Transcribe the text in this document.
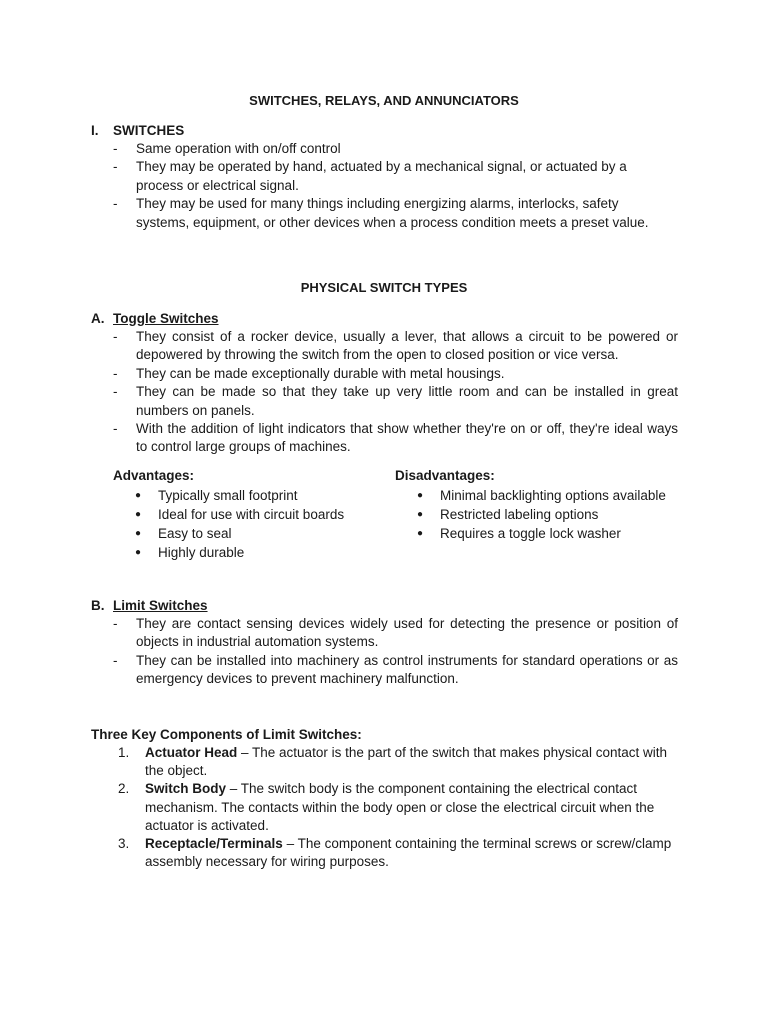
SWITCHES, RELAYS, AND ANNUNCIATORS
I. SWITCHES
- Same operation with on/off control
- They may be operated by hand, actuated by a mechanical signal, or actuated by a process or electrical signal.
- They may be used for many things including energizing alarms, interlocks, safety systems, equipment, or other devices when a process condition meets a preset value.
PHYSICAL SWITCH TYPES
A. Toggle Switches
- They consist of a rocker device, usually a lever, that allows a circuit to be powered or depowered by throwing the switch from the open to closed position or vice versa.
- They can be made exceptionally durable with metal housings.
- They can be made so that they take up very little room and can be installed in great numbers on panels.
- With the addition of light indicators that show whether they're on or off, they're ideal ways to control large groups of machines.
Advantages:
● Typically small footprint
● Ideal for use with circuit boards
● Easy to seal
● Highly durable
Disadvantages:
● Minimal backlighting options available
● Restricted labeling options
● Requires a toggle lock washer
B. Limit Switches
- They are contact sensing devices widely used for detecting the presence or position of objects in industrial automation systems.
- They can be installed into machinery as control instruments for standard operations or as emergency devices to prevent machinery malfunction.
Three Key Components of Limit Switches:
1. Actuator Head – The actuator is the part of the switch that makes physical contact with the object.
2. Switch Body – The switch body is the component containing the electrical contact mechanism. The contacts within the body open or close the electrical circuit when the actuator is activated.
3. Receptacle/Terminals – The component containing the terminal screws or screw/clamp assembly necessary for wiring purposes.
